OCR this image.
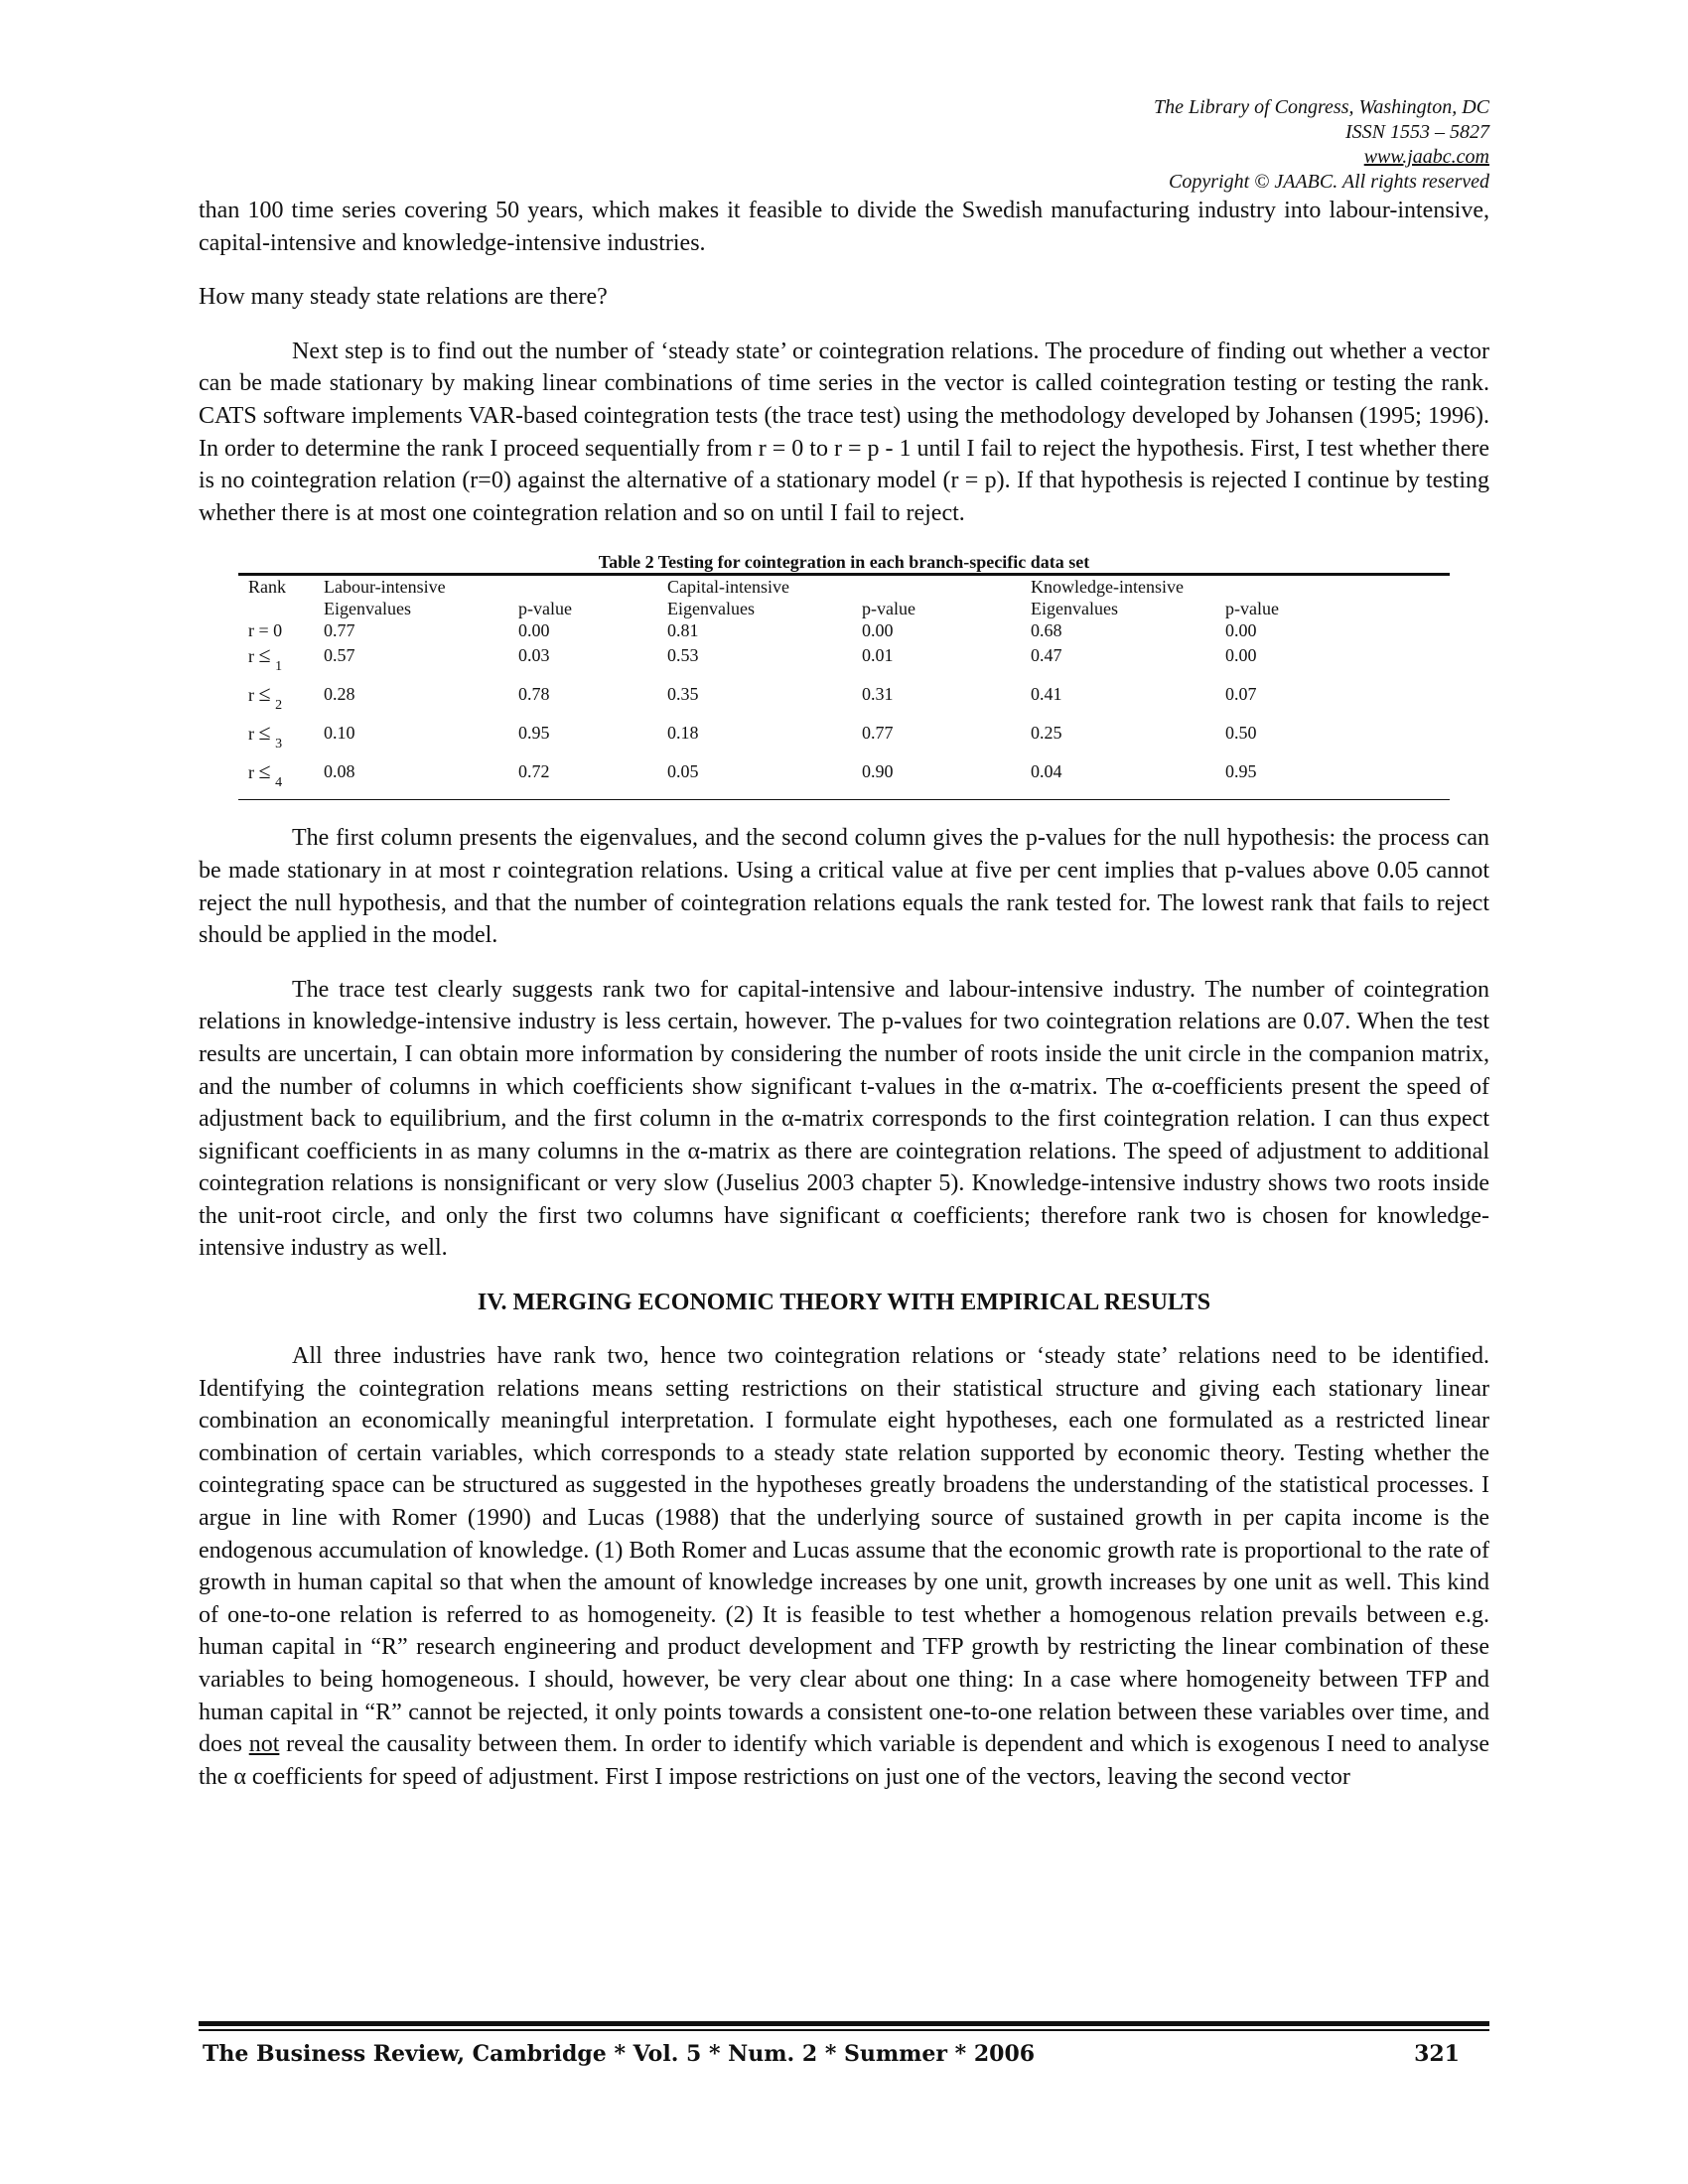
The Library of Congress, Washington, DC
ISSN 1553 – 5827
www.jaabc.com
Copyright © JAABC. All rights reserved

than 100 time series covering 50 years, which makes it feasible to divide the Swedish manufacturing industry into labour-intensive, capital-intensive and knowledge-intensive industries.

How many steady state relations are there?

Next step is to find out the number of ‘steady state’ or cointegration relations. The procedure of finding out whether a vector can be made stationary by making linear combinations of time series in the vector is called cointegration testing or testing the rank. CATS software implements VAR-based cointegration tests (the trace test) using the methodology developed by Johansen (1995; 1996). In order to determine the rank I proceed sequentially from r = 0 to r = p - 1 until I fail to reject the hypothesis. First, I test whether there is no cointegration relation (r=0) against the alternative of a stationary model (r = p). If that hypothesis is rejected I continue by testing whether there is at most one cointegration relation and so on until I fail to reject.

Table 2 Testing for cointegration in each branch-specific data set

Rank	Labour-intensive		Capital-intensive		Knowledge-intensive	
	Eigenvalues	p-value	Eigenvalues	p-value	Eigenvalues	p-value
r = 0	0.77	0.00	0.81	0.00	0.68	0.00
r ≤ $_1$	0.57	0.03	0.53	0.01	0.47	0.00
r ≤ $_2$	0.28	0.78	0.35	0.31	0.41	0.07
r ≤ $_3$	0.10	0.95	0.18	0.77	0.25	0.50
r ≤ $_4$	0.08	0.72	0.05	0.90	0.04	0.95

The first column presents the eigenvalues, and the second column gives the p-values for the null hypothesis: the process can be made stationary in at most r cointegration relations. Using a critical value at five per cent implies that p-values above 0.05 cannot reject the null hypothesis, and that the number of cointegration relations equals the rank tested for. The lowest rank that fails to reject should be applied in the model.

The trace test clearly suggests rank two for capital-intensive and labour-intensive industry. The number of cointegration relations in knowledge-intensive industry is less certain, however. The p-values for two cointegration relations are 0.07. When the test results are uncertain, I can obtain more information by considering the number of roots inside the unit circle in the companion matrix, and the number of columns in which coefficients show significant t-values in the α-matrix. The α-coefficients present the speed of adjustment back to equilibrium, and the first column in the α-matrix corresponds to the first cointegration relation. I can thus expect significant coefficients in as many columns in the α-matrix as there are cointegration relations. The speed of adjustment to additional cointegration relations is nonsignificant or very slow (Juselius 2003 chapter 5). Knowledge-intensive industry shows two roots inside the unit-root circle, and only the first two columns have significant α coefficients; therefore rank two is chosen for knowledge-intensive industry as well.

IV. MERGING ECONOMIC THEORY WITH EMPIRICAL RESULTS

All three industries have rank two, hence two cointegration relations or ‘steady state’ relations need to be identified. Identifying the cointegration relations means setting restrictions on their statistical structure and giving each stationary linear combination an economically meaningful interpretation. I formulate eight hypotheses, each one formulated as a restricted linear combination of certain variables, which corresponds to a steady state relation supported by economic theory. Testing whether the cointegrating space can be structured as suggested in the hypotheses greatly broadens the understanding of the statistical processes. I argue in line with Romer (1990) and Lucas (1988) that the underlying source of sustained growth in per capita income is the endogenous accumulation of knowledge. (1) Both Romer and Lucas assume that the economic growth rate is proportional to the rate of growth in human capital so that when the amount of knowledge increases by one unit, growth increases by one unit as well. This kind of one-to-one relation is referred to as homogeneity. (2) It is feasible to test whether a homogenous relation prevails between e.g. human capital in “R” research engineering and product development and TFP growth by restricting the linear combination of these variables to being homogeneous. I should, however, be very clear about one thing: In a case where homogeneity between TFP and human capital in “R” cannot be rejected, it only points towards a consistent one-to-one relation between these variables over time, and does not reveal the causality between them. In order to identify which variable is dependent and which is exogenous I need to analyse the α coefficients for speed of adjustment. First I impose restrictions on just one of the vectors, leaving the second vector

The Business Review, Cambridge * Vol. 5 * Num. 2 * Summer * 2006	321
